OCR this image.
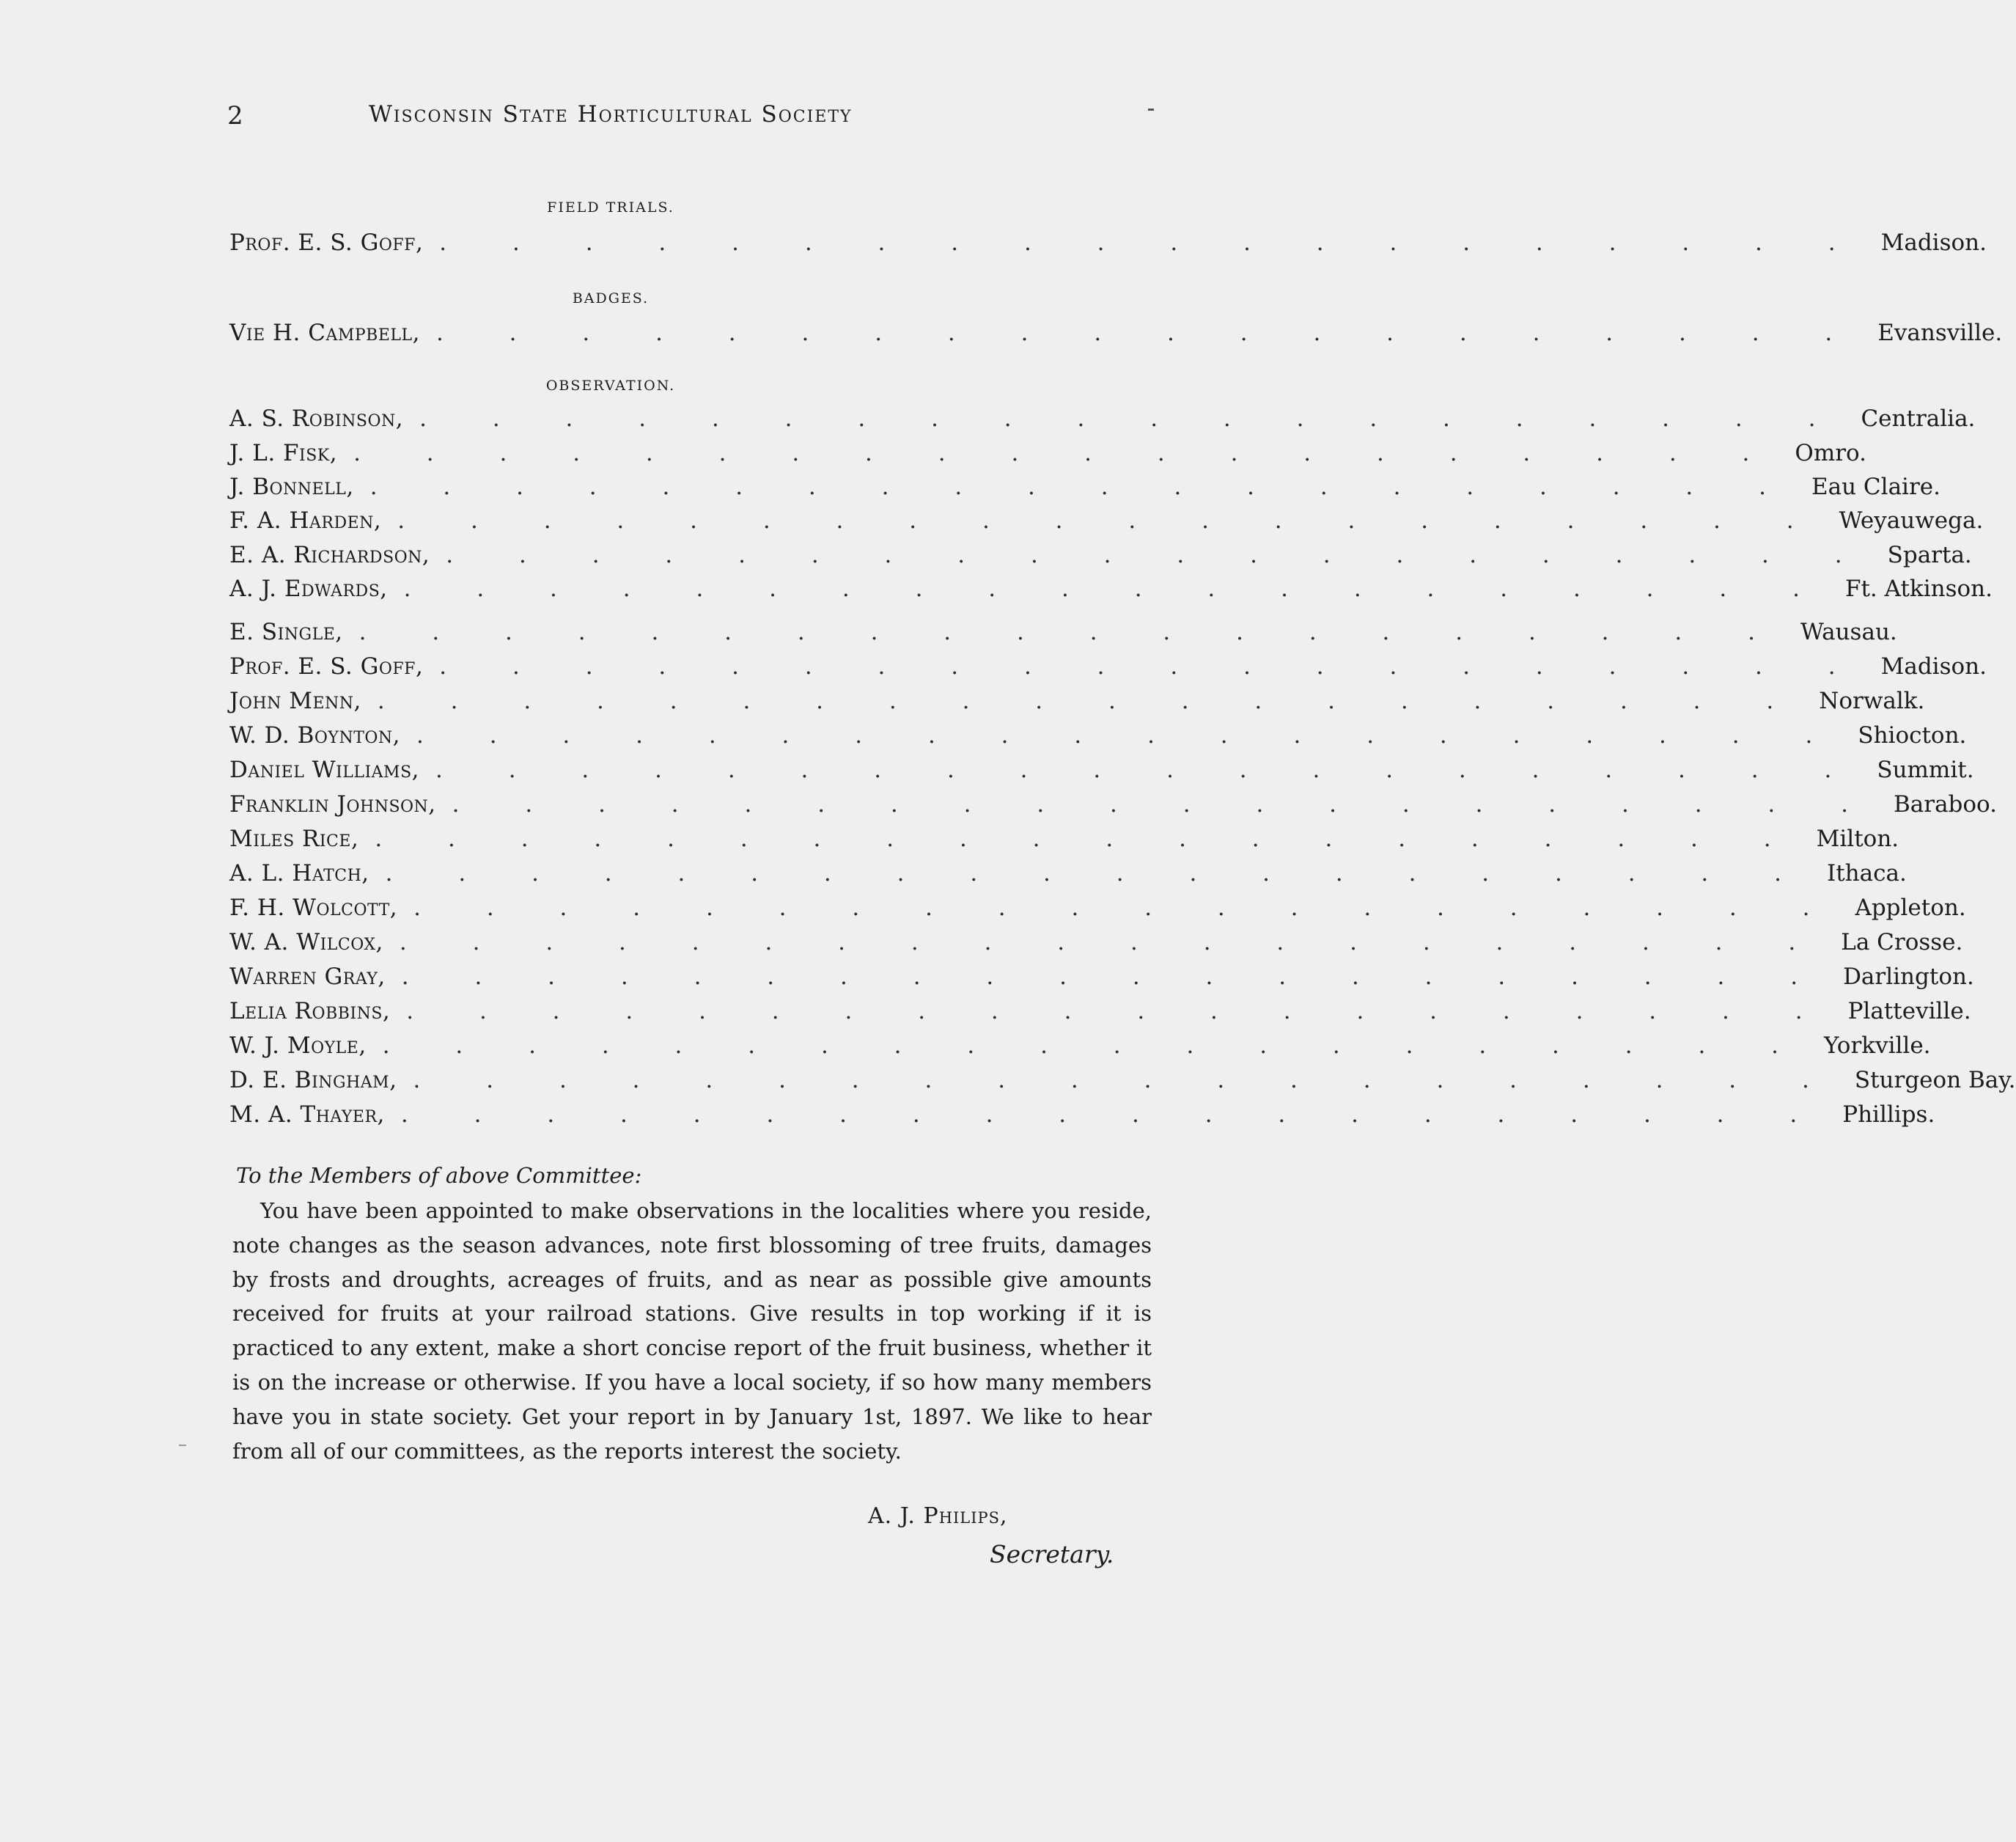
2	Wisconsin State Horticultural Society
FIELD TRIALS.
Prof. E. S. Goff, . . . . . . . . . . . . . . . . . . . . Madison.
BADGES.
Vie H. Campbell, . . . . . . . . . . . . . . . . . . . . Evansville.
OBSERVATION.
A. S. Robinson, . . . . . . . . . . . . . . . . . . . . Centralia.
J. L. Fisk, . . . . . . . . . . . . . . . . . . . . Omro.
J. Bonnell, . . . . . . . . . . . . . . . . . . . . Eau Claire.
F. A. Harden, . . . . . . . . . . . . . . . . . . . . Weyauwega.
E. A. Richardson, . . . . . . . . . . . . . . . . . . . . Sparta.
A. J. Edwards, . . . . . . . . . . . . . . . . . . . . Ft. Atkinson.
E. Single, . . . . . . . . . . . . . . . . . . . . Wausau.
Prof. E. S. Goff, . . . . . . . . . . . . . . . . . . . . Madison.
John Menn, . . . . . . . . . . . . . . . . . . . . Norwalk.
W. D. Boynton, . . . . . . . . . . . . . . . . . . . . Shiocton.
Daniel Williams, . . . . . . . . . . . . . . . . . . . . Summit.
Franklin Johnson, . . . . . . . . . . . . . . . . . . . . Baraboo.
Miles Rice, . . . . . . . . . . . . . . . . . . . . Milton.
A. L. Hatch, . . . . . . . . . . . . . . . . . . . . Ithaca.
F. H. Wolcott, . . . . . . . . . . . . . . . . . . . . Appleton.
W. A. Wilcox, . . . . . . . . . . . . . . . . . . . . La Crosse.
Warren Gray, . . . . . . . . . . . . . . . . . . . . Darlington.
Lelia Robbins, . . . . . . . . . . . . . . . . . . . . Platteville.
W. J. Moyle, . . . . . . . . . . . . . . . . . . . . Yorkville.
D. E. Bingham, . . . . . . . . . . . . . . . . . . . . Sturgeon Bay.
M. A. Thayer, . . . . . . . . . . . . . . . . . . . . Phillips.
To the Members of above Committee:

You have been appointed to make observations in the localities where you reside, note changes as the season advances, note first blossoming of tree fruits, damages by frosts and droughts, acreages of fruits, and as near as possible give amounts received for fruits at your railroad stations. Give results in top working if it is practiced to any extent, make a short concise report of the fruit business, whether it is on the increase or otherwise. If you have a local society, if so how many members have you in state society. Get your report in by January 1st, 1897. We like to hear from all of our committees, as the reports interest the society.

A. J. Philips,
Secretary.
